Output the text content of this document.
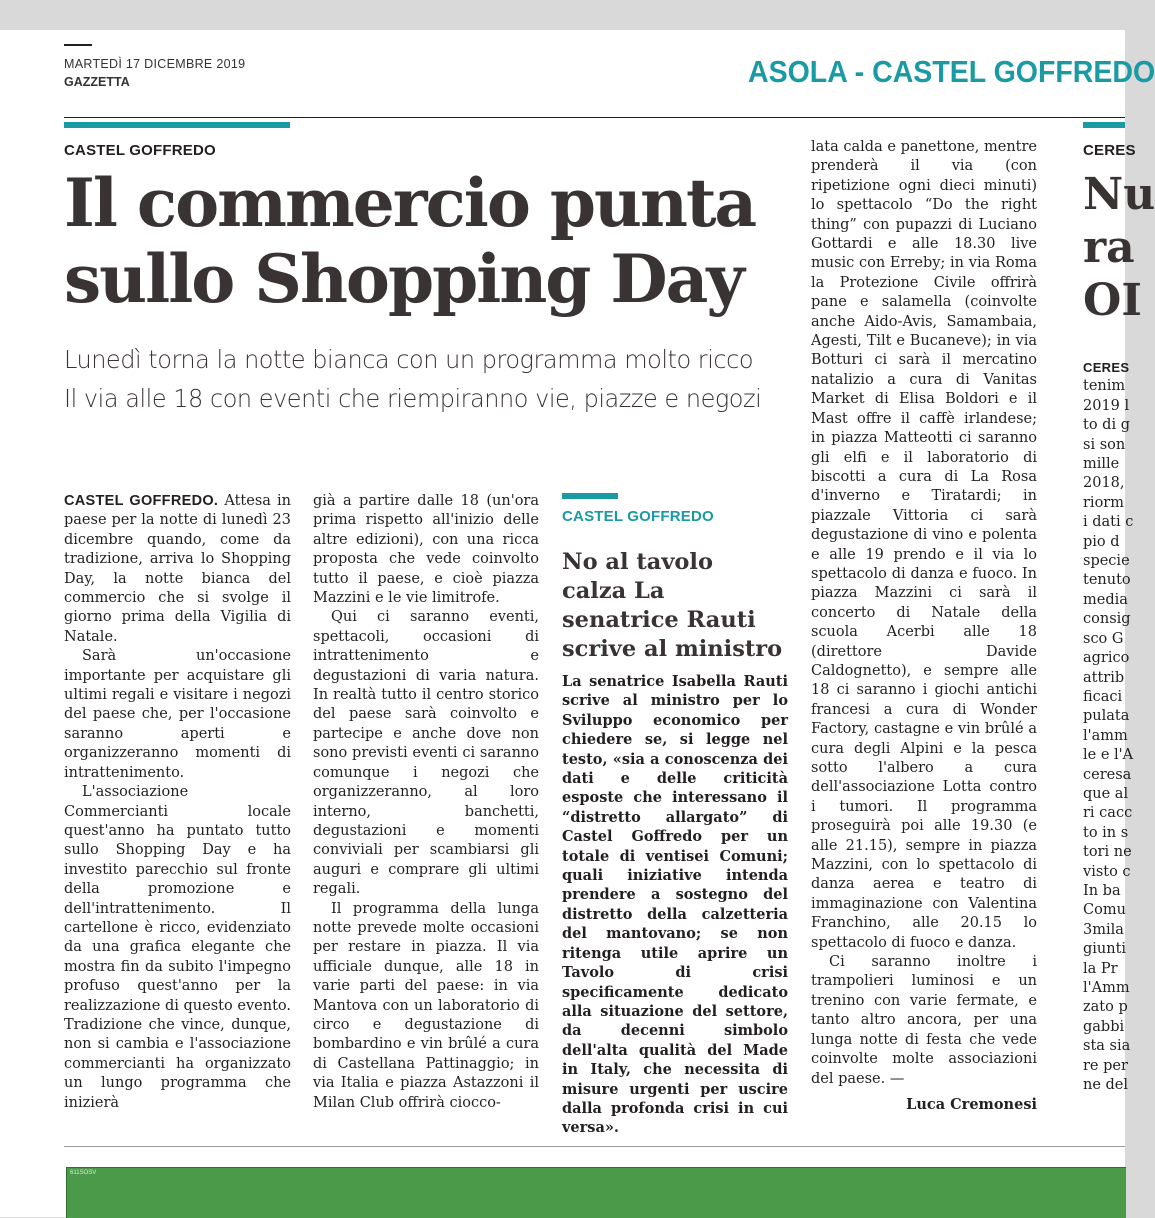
MARTEDÌ 17 DICEMBRE 2019
GAZZETTA	ASOLA - CASTEL GOFFREDO
CASTEL GOFFREDO
Il commercio punta
sullo Shopping Day
Lunedì torna la notte bianca con un programma molto ricco
Il via alle 18 con eventi che riempiranno vie, piazze e negozi

CASTEL GOFFREDO. Attesa in paese per la notte di lunedì 23 dicembre quando, come da tradizione, arriva lo Shopping Day, la notte bianca del commercio che si svolge il giorno prima della Vigilia di Natale.

Sarà un'occasione importante per acquistare gli ultimi regali e visitare i negozi del paese che, per l'occasione saranno aperti e organizzeranno momenti di intrattenimento.

L'associazione Commercianti locale quest'anno ha puntato tutto sullo Shopping Day e ha investito parecchio sul fronte della promozione e dell'intrattenimento. Il cartellone è ricco, evidenziato da una grafica elegante che mostra fin da subito l'impegno profuso quest'anno per la realizzazione di questo evento. Tradizione che vince, dunque, non si cambia e l'associazione commercianti ha organizzato un lungo programma che inizierà

già a partire dalle 18 (un'ora prima rispetto all'inizio delle altre edizioni), con una ricca proposta che vede coinvolto tutto il paese, e cioè piazza Mazzini e le vie limitrofe.

Qui ci saranno eventi, spettacoli, occasioni di intrattenimento e degustazioni di varia natura. In realtà tutto il centro storico del paese sarà coinvolto e partecipe e anche dove non sono previsti eventi ci saranno comunque i negozi che organizzeranno, al loro interno, banchetti, degustazioni e momenti conviviali per scambiarsi gli auguri e comprare gli ultimi regali.

Il programma della lunga notte prevede molte occasioni per restare in piazza. Il via ufficiale dunque, alle 18 in varie parti del paese: in via Mantova con un laboratorio di circo e degustazione di bombardino e vin brûlé a cura di Castellana Pattinaggio; in via Italia e piazza Astazzoni il Milan Club offrirà ciocco-

CASTEL GOFFREDO
No al tavolo calza La senatrice Rauti scrive al ministro
La senatrice Isabella Rauti scrive al ministro per lo Sviluppo economico per chiedere se, si legge nel testo, «sia a conoscenza dei dati e delle criticità esposte che interessano il “distretto allargato” di Castel Goffredo per un totale di ventisei Comuni; quali iniziative intenda prendere a sostegno del distretto della calzetteria del mantovano; se non ritenga utile aprire un Tavolo di crisi specificamente dedicato alla situazione del settore, da decenni simbolo dell'alta qualità del Made in Italy, che necessita di misure urgenti per uscire dalla profonda crisi in cui versa».

lata calda e panettone, mentre prenderà il via (con ripetizione ogni dieci minuti) lo spettacolo “Do the right thing” con pupazzi di Luciano Gottardi e alle 18.30 live music con Erreby; in via Roma la Protezione Civile offrirà pane e salamella (coinvolte anche Aido-Avis, Samambaia, Agesti, Tilt e Bucaneve); in via Botturi ci sarà il mercatino natalizio a cura di Vanitas Market di Elisa Boldori e il Mast offre il caffè irlandese; in piazza Matteotti ci saranno gli elfi e il laboratorio di biscotti a cura di La Rosa d'inverno e Tiratardi; in piazzale Vittoria ci sarà degustazione di vino e polenta e alle 19 prendo e il via lo spettacolo di danza e fuoco. In piazza Mazzini ci sarà il concerto di Natale della scuola Acerbi alle 18 (direttore Davide Caldognetto), e sempre alle 18 ci saranno i giochi antichi francesi a cura di Wonder Factory, castagne e vin brûlé a cura degli Alpini e la pesca sotto l'albero a cura dell'associazione Lotta contro i tumori. Il programma proseguirà poi alle 19.30 (e alle 21.15), sempre in piazza Mazzini, con lo spettacolo di danza aerea e teatro di immaginazione con Valentina Franchino, alle 20.15 lo spettacolo di fuoco e danza.

Ci saranno inoltre i trampolieri luminosi e un trenino con varie fermate, e tanto altro ancora, per una lunga notte di festa che vede coinvolte molte associazioni del paese. —

Luca Cremonesi

CERES
Nu
ra
OI
CERES
tenim
2019 l
to di g
si son
mille
2018,
riorm
i dati c
pio d
specie
tenuto
media
consig
sco G
agrico
attrib
ficaci
pulata
l'amm
le e l'A
ceresa
que al
ri cacc
to in s
tori ne
visto c
In ba
Comu
3mila
giunti
la Pr
l'Amm
zato p
gabbi
sta sia
re per
ne del
611SOSV
